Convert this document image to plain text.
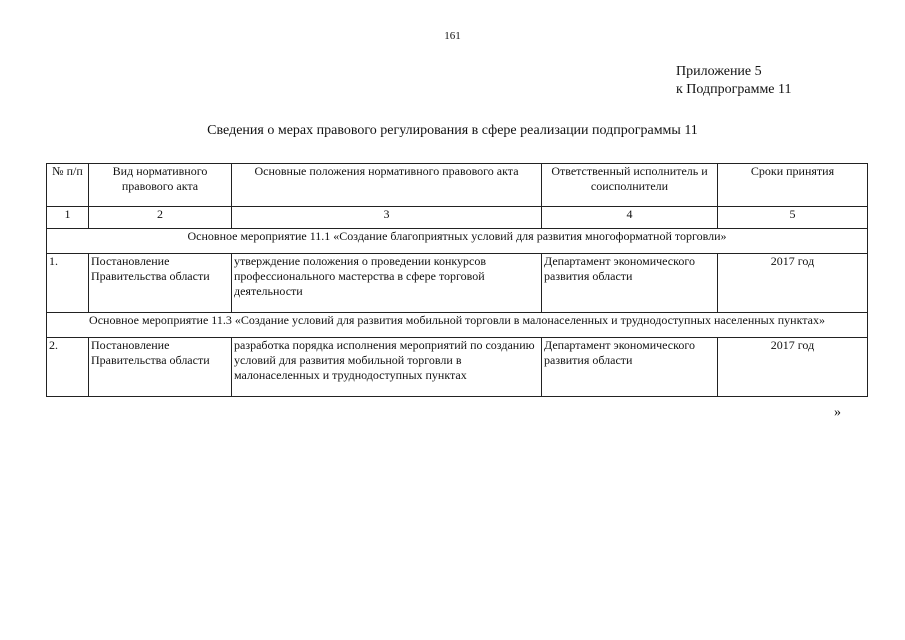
161
Приложение 5
к Подпрограмме 11
Сведения о мерах правового регулирования в сфере реализации подпрограммы 11
№ п/п	Вид нормативного правового акта	Основные положения нормативного правового акта	Ответственный исполнитель и соисполнители	Сроки принятия
1	2	3	4	5
Основное мероприятие 11.1 «Создание благоприятных условий для развития многоформатной торговли»				
1.	Постановление Правительства области	утверждение положения о проведении конкурсов профессионального мастерства в сфере торговой деятельности	Департамент экономического развития области	2017 год
Основное мероприятие 11.3 «Создание условий для развития мобильной торговли в малонаселенных и труднодоступных населенных пунктах»				
2.	Постановление Правительства области	разработка порядка исполнения мероприятий по созданию условий для развития мобильной торговли в малонаселенных и труднодоступных пунктах	Департамент экономического развития области	2017 год
»
